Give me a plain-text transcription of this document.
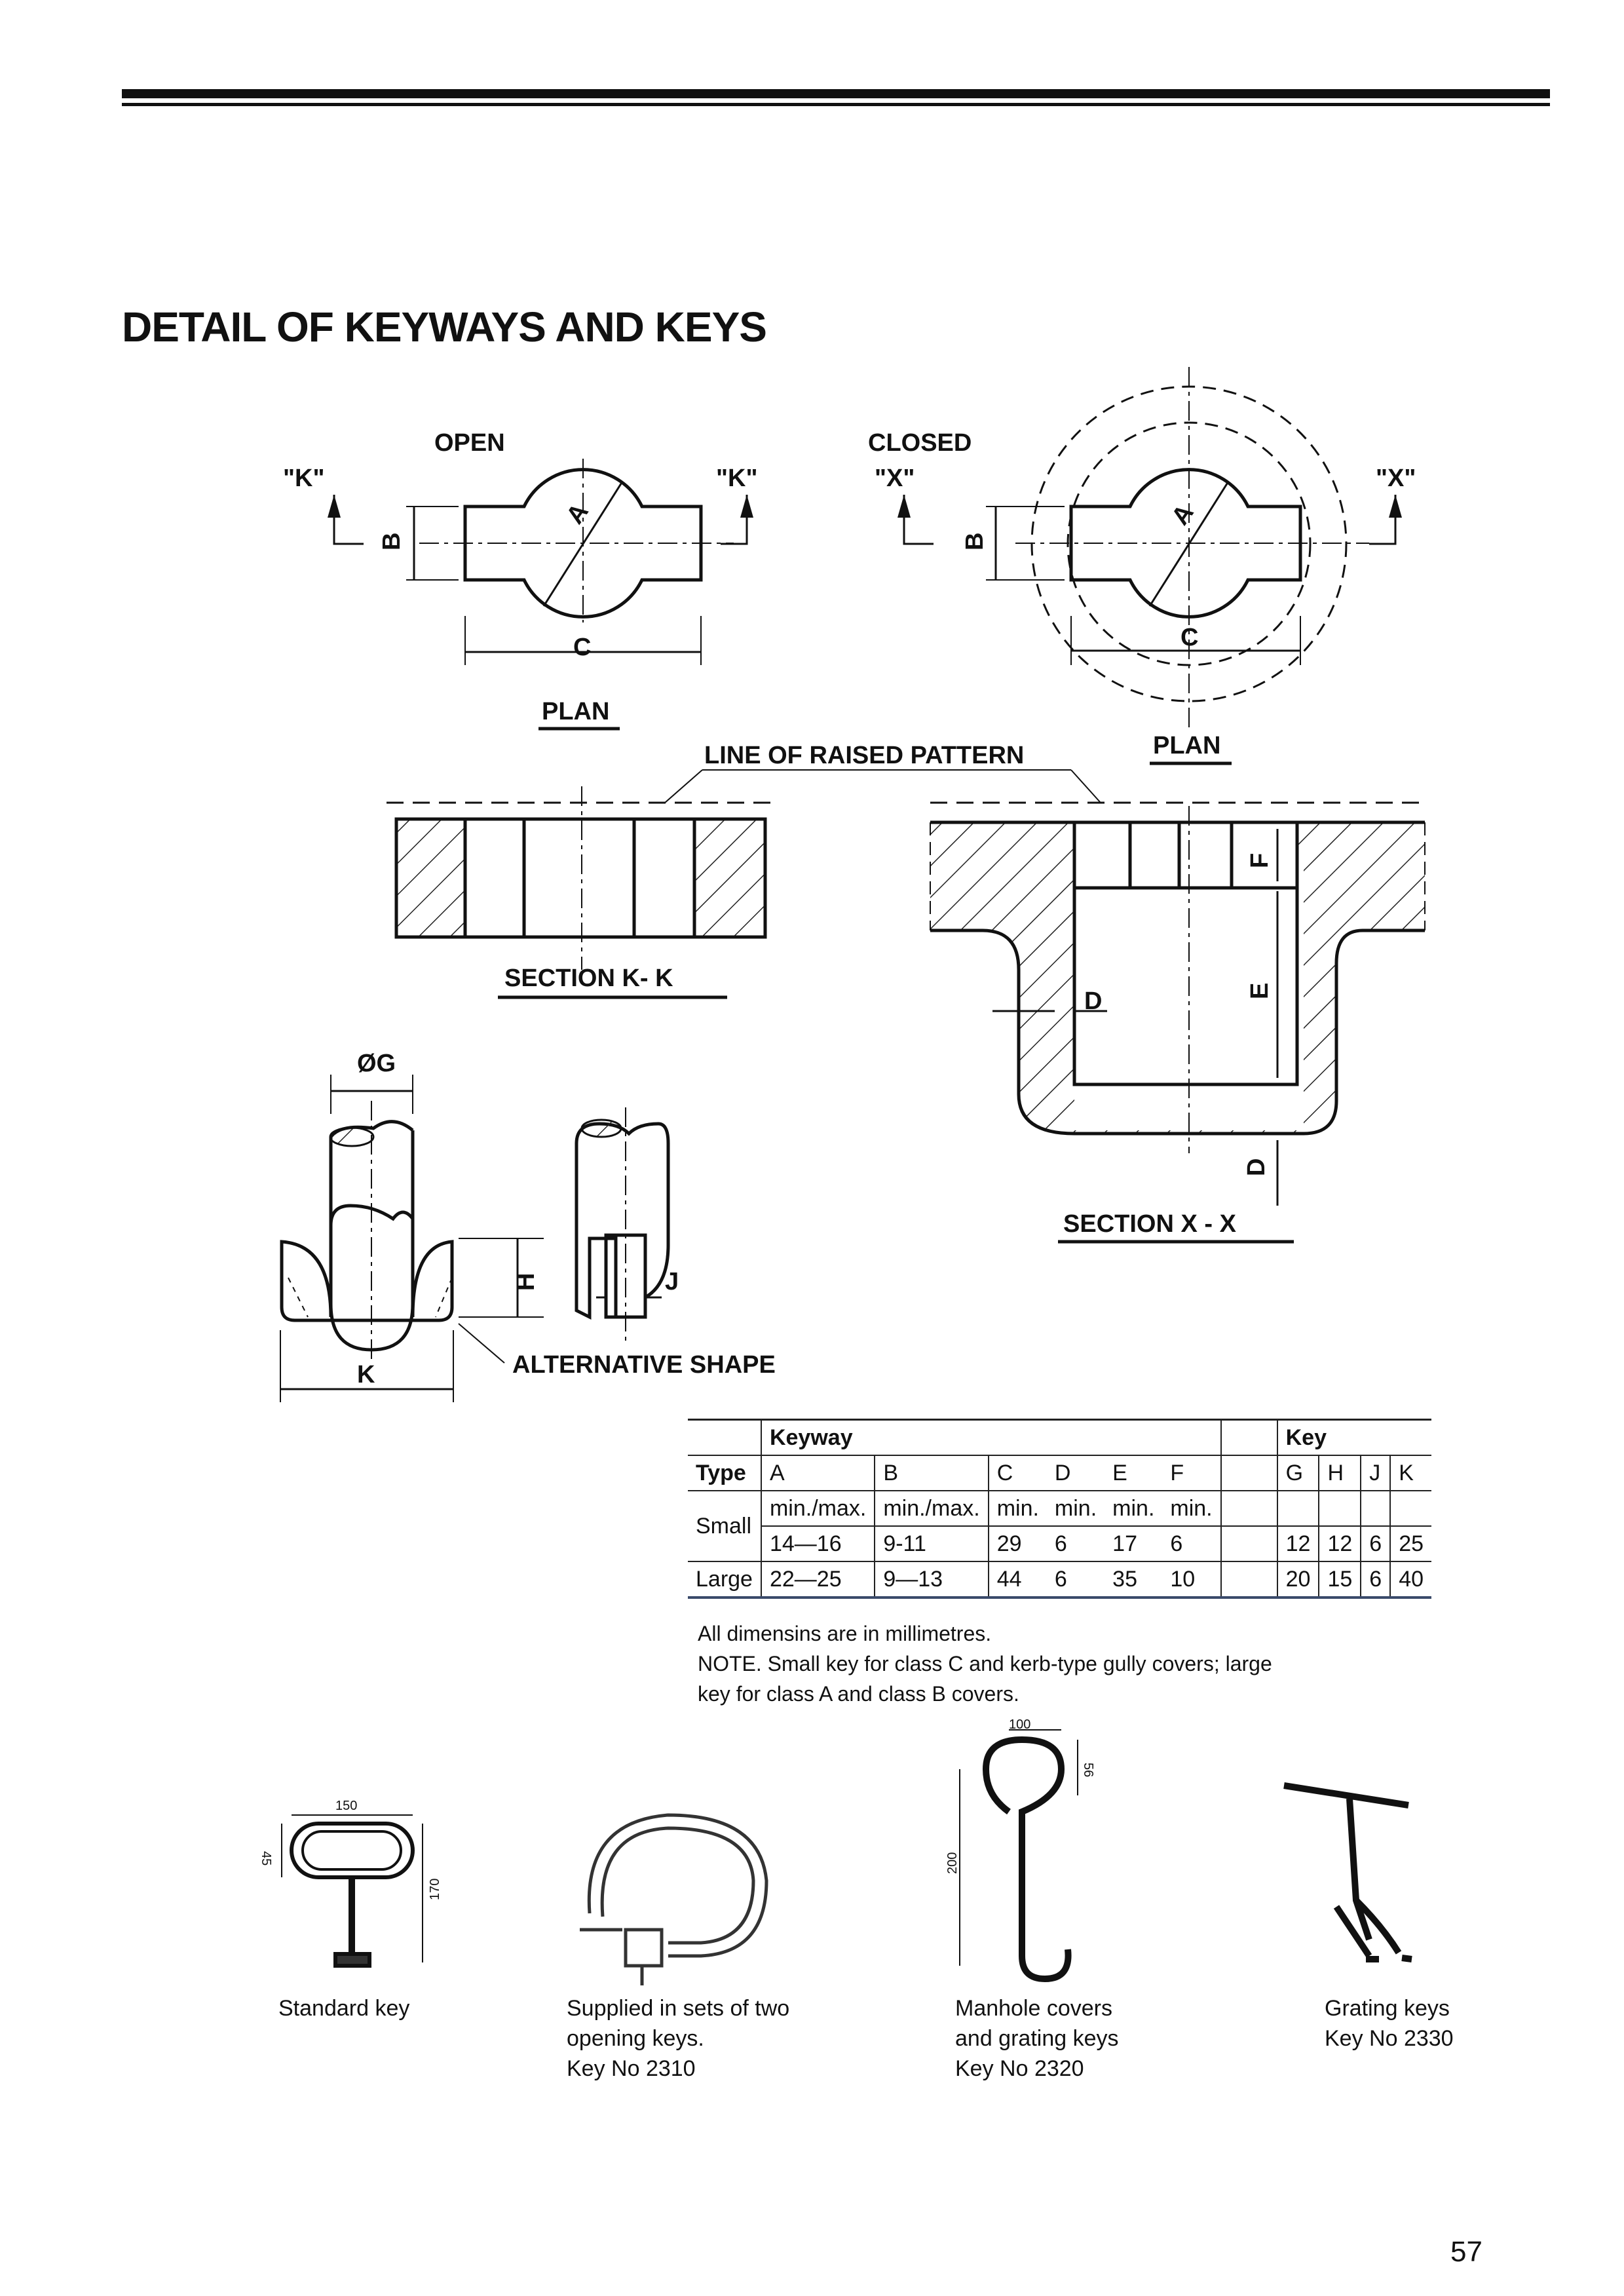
DETAIL OF KEYWAYS AND KEYS
OPEN
"K"	"K"
C
B
A
PLAN
CLOSED
"X"	"X"
C
B
A
PLAN
LINE OF RAISED PATTERN
SECTION K- K
F
E
D
D
SECTION X - X
ØG
K
H
ALTERNATIVE SHAPE
J
150
45
170
100
56
200
	Keyway							Key			
Type	A	B	C	D	E	F		G	H	J	K
Small	min./max.	min./max.	min.	min.	min.	min.					
	14—16	9-11	29	6	17	6		12	12	6	25
Large	22—25	9—13	44	6	35	10		20	15	6	40
All dimensins are in millimetres.
NOTE. Small key for class C and kerb-type gully covers; large
key for class A and class B covers.
Standard key	Supplied in sets of two
opening keys.
Key No 2310
Manhole covers
and grating keys
Key No 2320
Grating keys
Key No 2330
57
